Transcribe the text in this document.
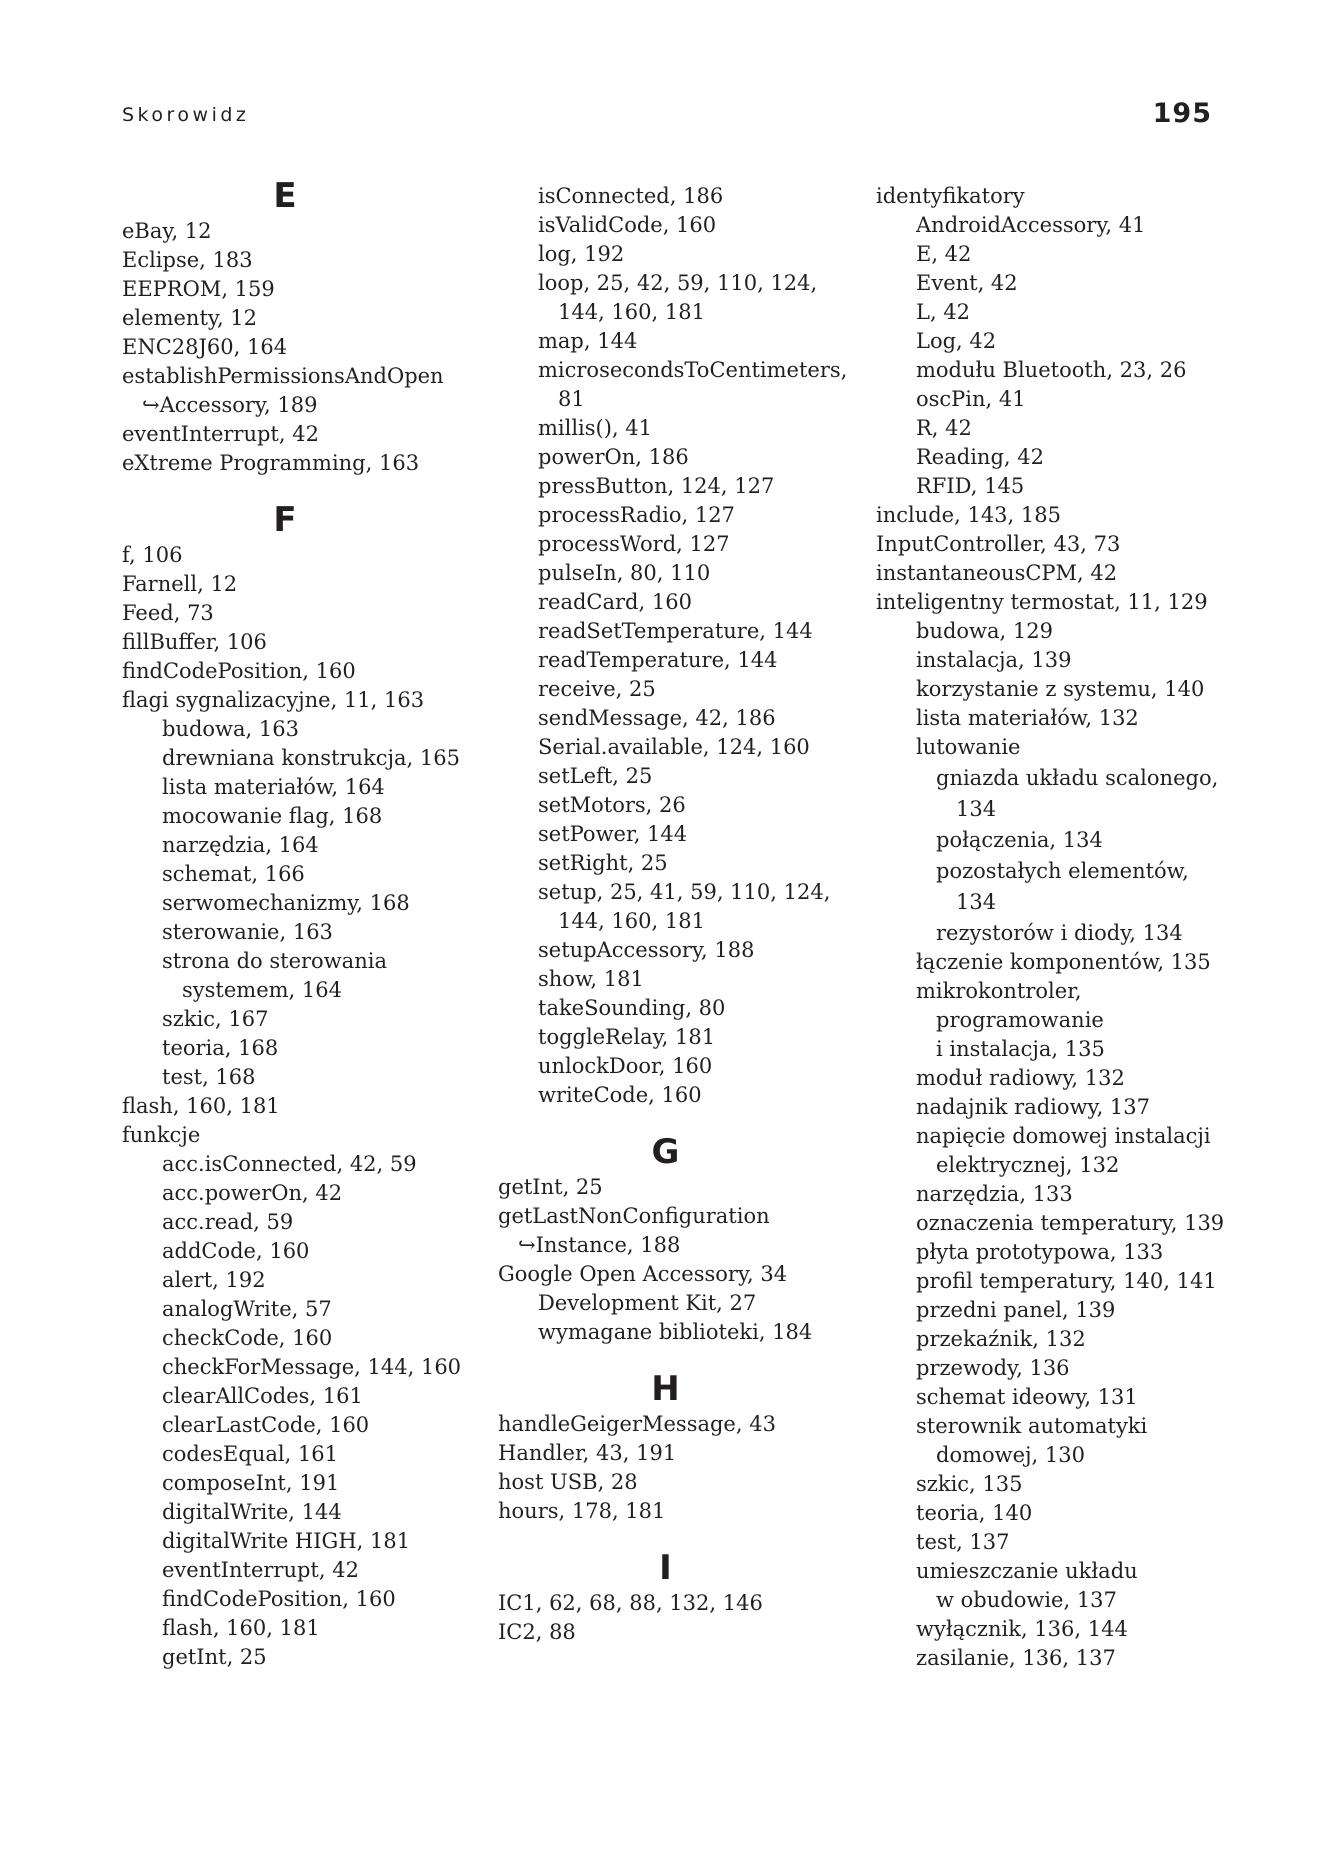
Skorowidz	195
E
eBay, 12
Eclipse, 183
EEPROM, 159
elementy, 12
ENC28J60, 164
establishPermissionsAndOpen
↪Accessory, 189
eventInterrupt, 42
eXtreme Programming, 163
F
f, 106
Farnell, 12
Feed, 73
fillBuffer, 106
findCodePosition, 160
flagi sygnalizacyjne, 11, 163
budowa, 163
drewniana konstrukcja, 165
lista materiałów, 164
mocowanie flag, 168
narzędzia, 164
schemat, 166
serwomechanizmy, 168
sterowanie, 163
strona do sterowania
systemem, 164
szkic, 167
teoria, 168
test, 168
flash, 160, 181
funkcje
acc.isConnected, 42, 59
acc.powerOn, 42
acc.read, 59
addCode, 160
alert, 192
analogWrite, 57
checkCode, 160
checkForMessage, 144, 160
clearAllCodes, 161
clearLastCode, 160
codesEqual, 161
composeInt, 191
digitalWrite, 144
digitalWrite HIGH, 181
eventInterrupt, 42
findCodePosition, 160
flash, 160, 181
getInt, 25
isConnected, 186
isValidCode, 160
log, 192
loop, 25, 42, 59, 110, 124,
144, 160, 181
map, 144
microsecondsToCentimeters,
81
millis(), 41
powerOn, 186
pressButton, 124, 127
processRadio, 127
processWord, 127
pulseIn, 80, 110
readCard, 160
readSetTemperature, 144
readTemperature, 144
receive, 25
sendMessage, 42, 186
Serial.available, 124, 160
setLeft, 25
setMotors, 26
setPower, 144
setRight, 25
setup, 25, 41, 59, 110, 124,
144, 160, 181
setupAccessory, 188
show, 181
takeSounding, 80
toggleRelay, 181
unlockDoor, 160
writeCode, 160
G
getInt, 25
getLastNonConfiguration
↪Instance, 188
Google Open Accessory, 34
Development Kit, 27
wymagane biblioteki, 184
H
handleGeigerMessage, 43
Handler, 43, 191
host USB, 28
hours, 178, 181
I
IC1, 62, 68, 88, 132, 146
IC2, 88
identyfikatory
AndroidAccessory, 41
E, 42
Event, 42
L, 42
Log, 42
modułu Bluetooth, 23, 26
oscPin, 41
R, 42
Reading, 42
RFID, 145
include, 143, 185
InputController, 43, 73
instantaneousCPM, 42
inteligentny termostat, 11, 129
budowa, 129
instalacja, 139
korzystanie z systemu, 140
lista materiałów, 132
lutowanie
gniazda układu scalonego,
134
połączenia, 134
pozostałych elementów,
134
rezystorów i diody, 134
łączenie komponentów, 135
mikrokontroler,
programowanie
i instalacja, 135
moduł radiowy, 132
nadajnik radiowy, 137
napięcie domowej instalacji
elektrycznej, 132
narzędzia, 133
oznaczenia temperatury, 139
płyta prototypowa, 133
profil temperatury, 140, 141
przedni panel, 139
przekaźnik, 132
przewody, 136
schemat ideowy, 131
sterownik automatyki
domowej, 130
szkic, 135
teoria, 140
test, 137
umieszczanie układu
w obudowie, 137
wyłącznik, 136, 144
zasilanie, 136, 137
